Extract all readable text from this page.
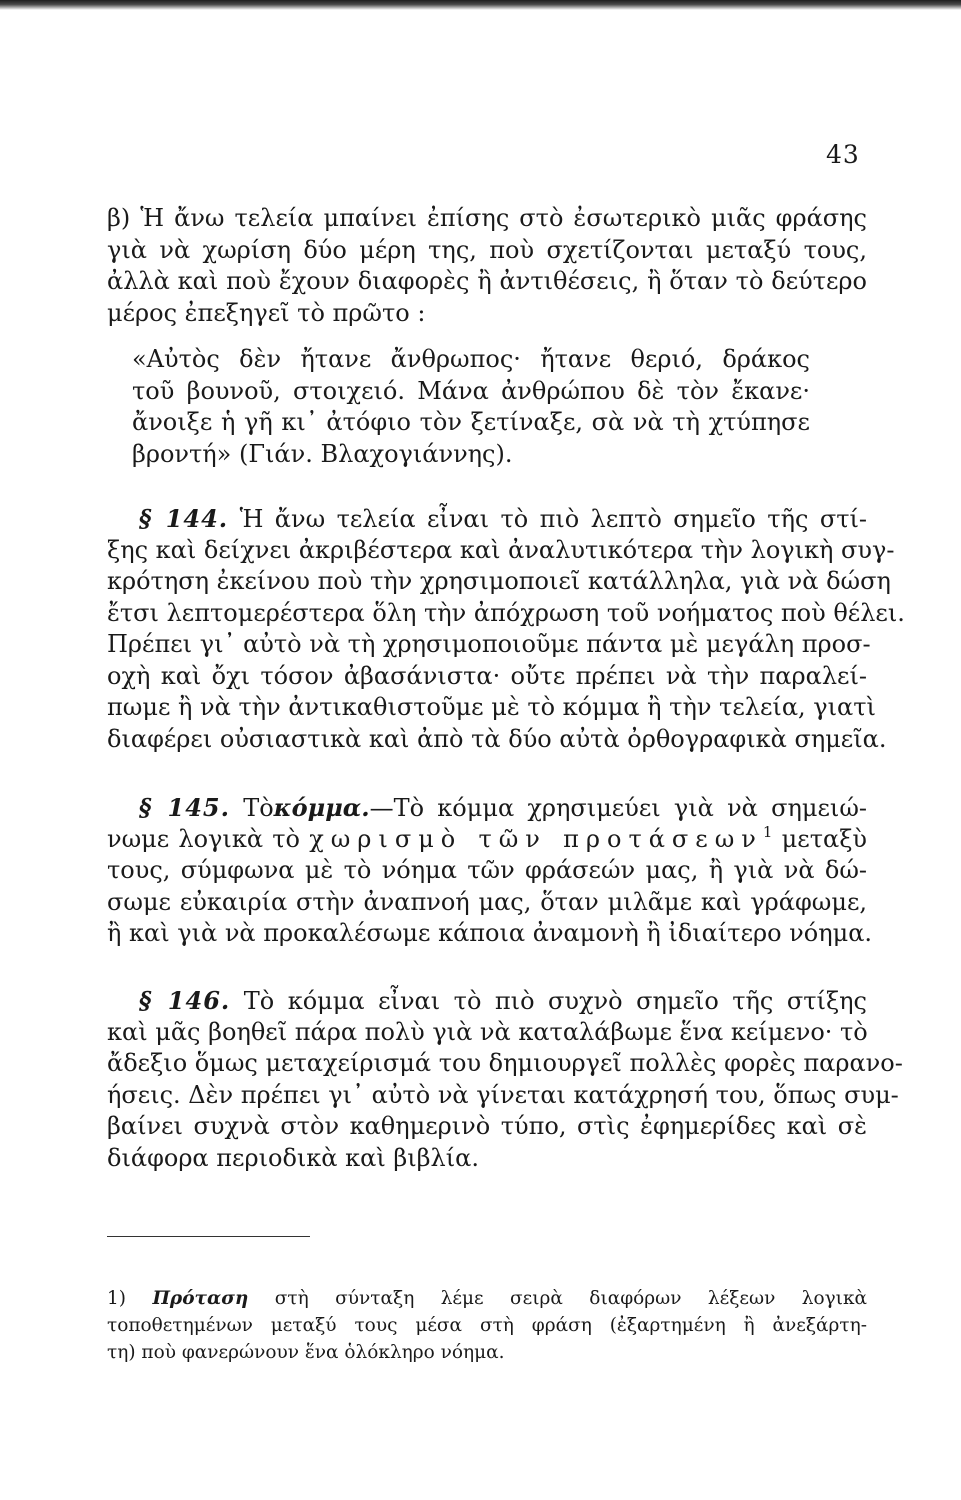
43

β) Ἡ ἄνω τελεία μπαίνει ἐπίσης στὸ ἐσωτερικὸ μιᾶς φράσης
γιὰ νὰ χωρίση δύο μέρη της, ποὺ σχετίζονται μεταξύ τους,
ἀλλὰ καὶ ποὺ ἔχουν διαφορὲς ἢ ἀντιθέσεις, ἢ ὅταν τὸ δεύτερο
μέρος ἐπεξηγεῖ τὸ πρῶτο :

«Αὐτὸς δὲν ἤτανε ἄνθρωπος· ἤτανε θεριό, δράκος
τοῦ βουνοῦ, στοιχειό. Μάνα ἀνθρώπου δὲ τὸν ἔκανε·
ἄνοιξε ἡ γῆ κι᾽ ἀτόφιο τὸν ξετίναξε, σὰ νὰ τὴ χτύπησε
βροντή» (Γιάν. Βλαχογιάννης).

§ 144. Ἡ ἄνω τελεία εἶναι τὸ πιὸ λεπτὸ σημεῖο τῆς στί-
ξης καὶ δείχνει ἀκριβέστερα καὶ ἀναλυτικότερα τὴν λογικὴ συγ-
κρότηση ἐκείνου ποὺ τὴν χρησιμοποιεῖ κατάλληλα, γιὰ νὰ δώση
ἔτσι λεπτομερέστερα ὅλη τὴν ἀπόχρωση τοῦ νοήματος ποὺ θέλει.
Πρέπει γι᾽ αὐτὸ νὰ τὴ χρησιμοποιοῦμε πάντα μὲ μεγάλη προσ-
οχὴ καὶ ὄχι τόσον ἀβασάνιστα· οὔτε πρέπει νὰ τὴν παραλεί-
πωμε ἢ νὰ τὴν ἀντικαθιστοῦμε μὲ τὸ κόμμα ἢ τὴν τελεία, γιατὶ
διαφέρει οὐσιαστικὰ καὶ ἀπὸ τὰ δύο αὐτὰ ὀρθογραφικὰ σημεῖα.

§ 145. Τὸκόμμα.—Τὸ κόμμα χρησιμεύει γιὰ νὰ σημειώ-
νωμε λογικὰ τὸ χωρισμὸ τῶν προτάσεων$^1$ μεταξὺ
τους, σύμφωνα μὲ τὸ νόημα τῶν φράσεών μας, ἢ γιὰ νὰ δώ-
σωμε εὐκαιρία στὴν ἀναπνοή μας, ὅταν μιλᾶμε καὶ γράφωμε,
ἢ καὶ γιὰ νὰ προκαλέσωμε κάποια ἀναμονὴ ἢ ἰδιαίτερο νόημα.

§ 146. Τὸ κόμμα εἶναι τὸ πιὸ συχνὸ σημεῖο τῆς στίξης
καὶ μᾶς βοηθεῖ πάρα πολὺ γιὰ νὰ καταλάβωμε ἕνα κείμενο· τὸ
ἄδεξιο ὅμως μεταχείρισμά του δημιουργεῖ πολλὲς φορὲς παρανο-
ήσεις. Δὲν πρέπει γι᾽ αὐτὸ νὰ γίνεται κατάχρησή του, ὅπως συμ-
βαίνει συχνὰ στὸν καθημερινὸ τύπο, στὶς ἐφημερίδες καὶ σὲ
διάφορα περιοδικὰ καὶ βιβλία.

1) Πρόταση στὴ σύνταξη λέμε σειρὰ διαφόρων λέξεων λογικὰ
τοποθετημένων μεταξύ τους μέσα στὴ φράση (ἐξαρτημένη ἢ ἀνεξάρτη-
τη) ποὺ φανερώνουν ἕνα ὁλόκληρο νόημα.
